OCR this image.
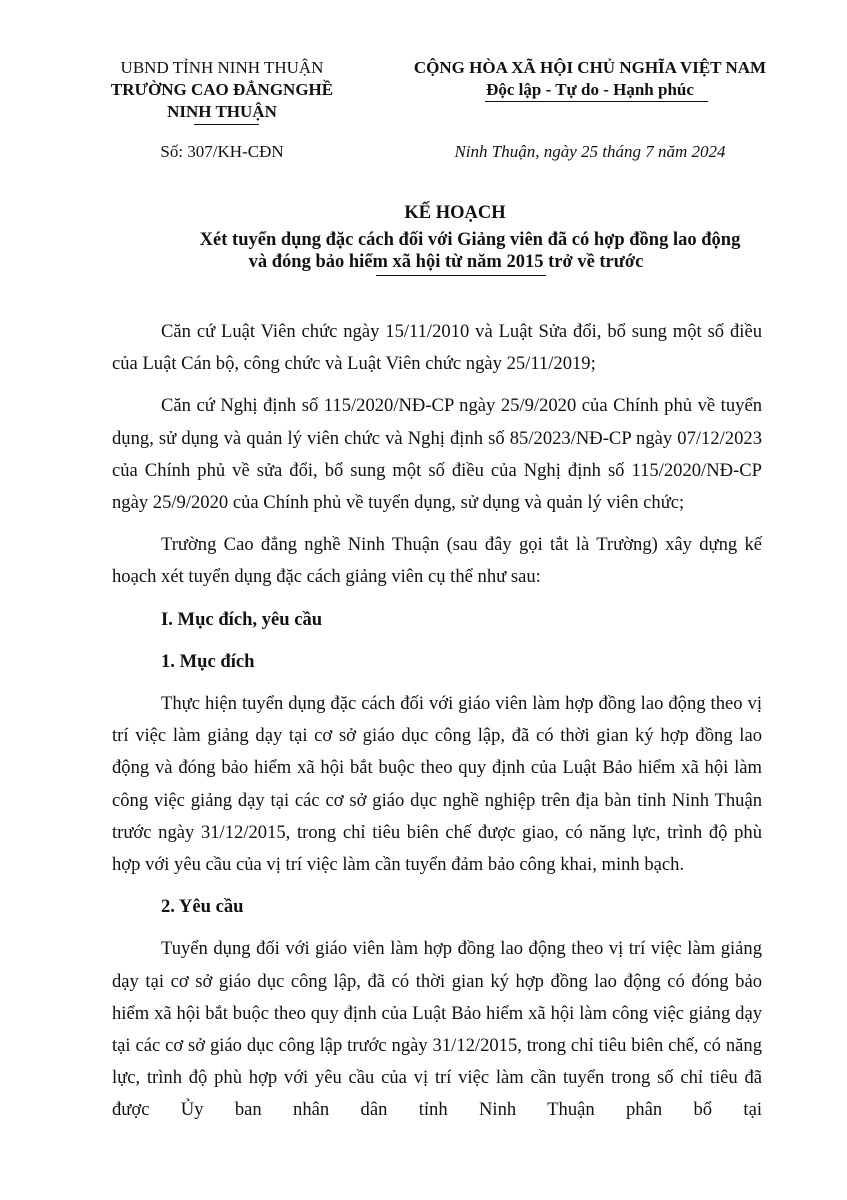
UBND TỈNH NINH THUẬN
TRƯỜNG CAO ĐẲNGNGHỀ
NINH THUẬN
Số: 307/KH-CĐN
CỘNG HÒA XÃ HỘI CHỦ NGHĨA VIỆT NAM
Độc lập - Tự do - Hạnh phúc
Ninh Thuận, ngày 25 tháng 7 năm 2024
KẾ HOẠCH
Xét tuyển dụng đặc cách đối với Giảng viên đã có hợp đồng lao động
và đóng bảo hiểm xã hội từ năm 2015 trở về trước

Căn cứ Luật Viên chức ngày 15/11/2010 và Luật Sửa đổi, bổ sung một số điều của Luật Cán bộ, công chức và Luật Viên chức ngày 25/11/2019;

Căn cứ Nghị định số 115/2020/NĐ-CP ngày 25/9/2020 của Chính phủ về tuyển dụng, sử dụng và quản lý viên chức và Nghị định số 85/2023/NĐ-CP ngày 07/12/2023 của Chính phủ về sửa đổi, bổ sung một số điều của Nghị định số 115/2020/NĐ-CP ngày 25/9/2020 của Chính phủ về tuyển dụng, sử dụng và quản lý viên chức;

Trường Cao đẳng nghề Ninh Thuận (sau đây gọi tắt là Trường) xây dựng kế hoạch xét tuyển dụng đặc cách giảng viên cụ thể như sau:

I. Mục đích, yêu cầu

1. Mục đích

Thực hiện tuyển dụng đặc cách đối với giáo viên làm hợp đồng lao động theo vị trí việc làm giảng dạy tại cơ sở giáo dục công lập, đã có thời gian ký hợp đồng lao động và đóng bảo hiểm xã hội bắt buộc theo quy định của Luật Bảo hiểm xã hội làm công việc giảng dạy tại các cơ sở giáo dục nghề nghiệp trên địa bàn tỉnh Ninh Thuận trước ngày 31/12/2015, trong chỉ tiêu biên chế được giao, có năng lực, trình độ phù hợp với yêu cầu của vị trí việc làm cần tuyển đảm bảo công khai, minh bạch.

2. Yêu cầu

Tuyển dụng đối với giáo viên làm hợp đồng lao động theo vị trí việc làm giảng dạy tại cơ sở giáo dục công lập, đã có thời gian ký hợp đồng lao động có đóng bảo hiểm xã hội bắt buộc theo quy định của Luật Bảo hiểm xã hội làm công việc giảng dạy tại các cơ sở giáo dục công lập trước ngày 31/12/2015, trong chỉ tiêu biên chế, có năng lực, trình độ phù hợp với yêu cầu của vị trí việc làm cần tuyển trong số chỉ tiêu đã được Ủy ban nhân dân tỉnh Ninh Thuận phân bổ tại
